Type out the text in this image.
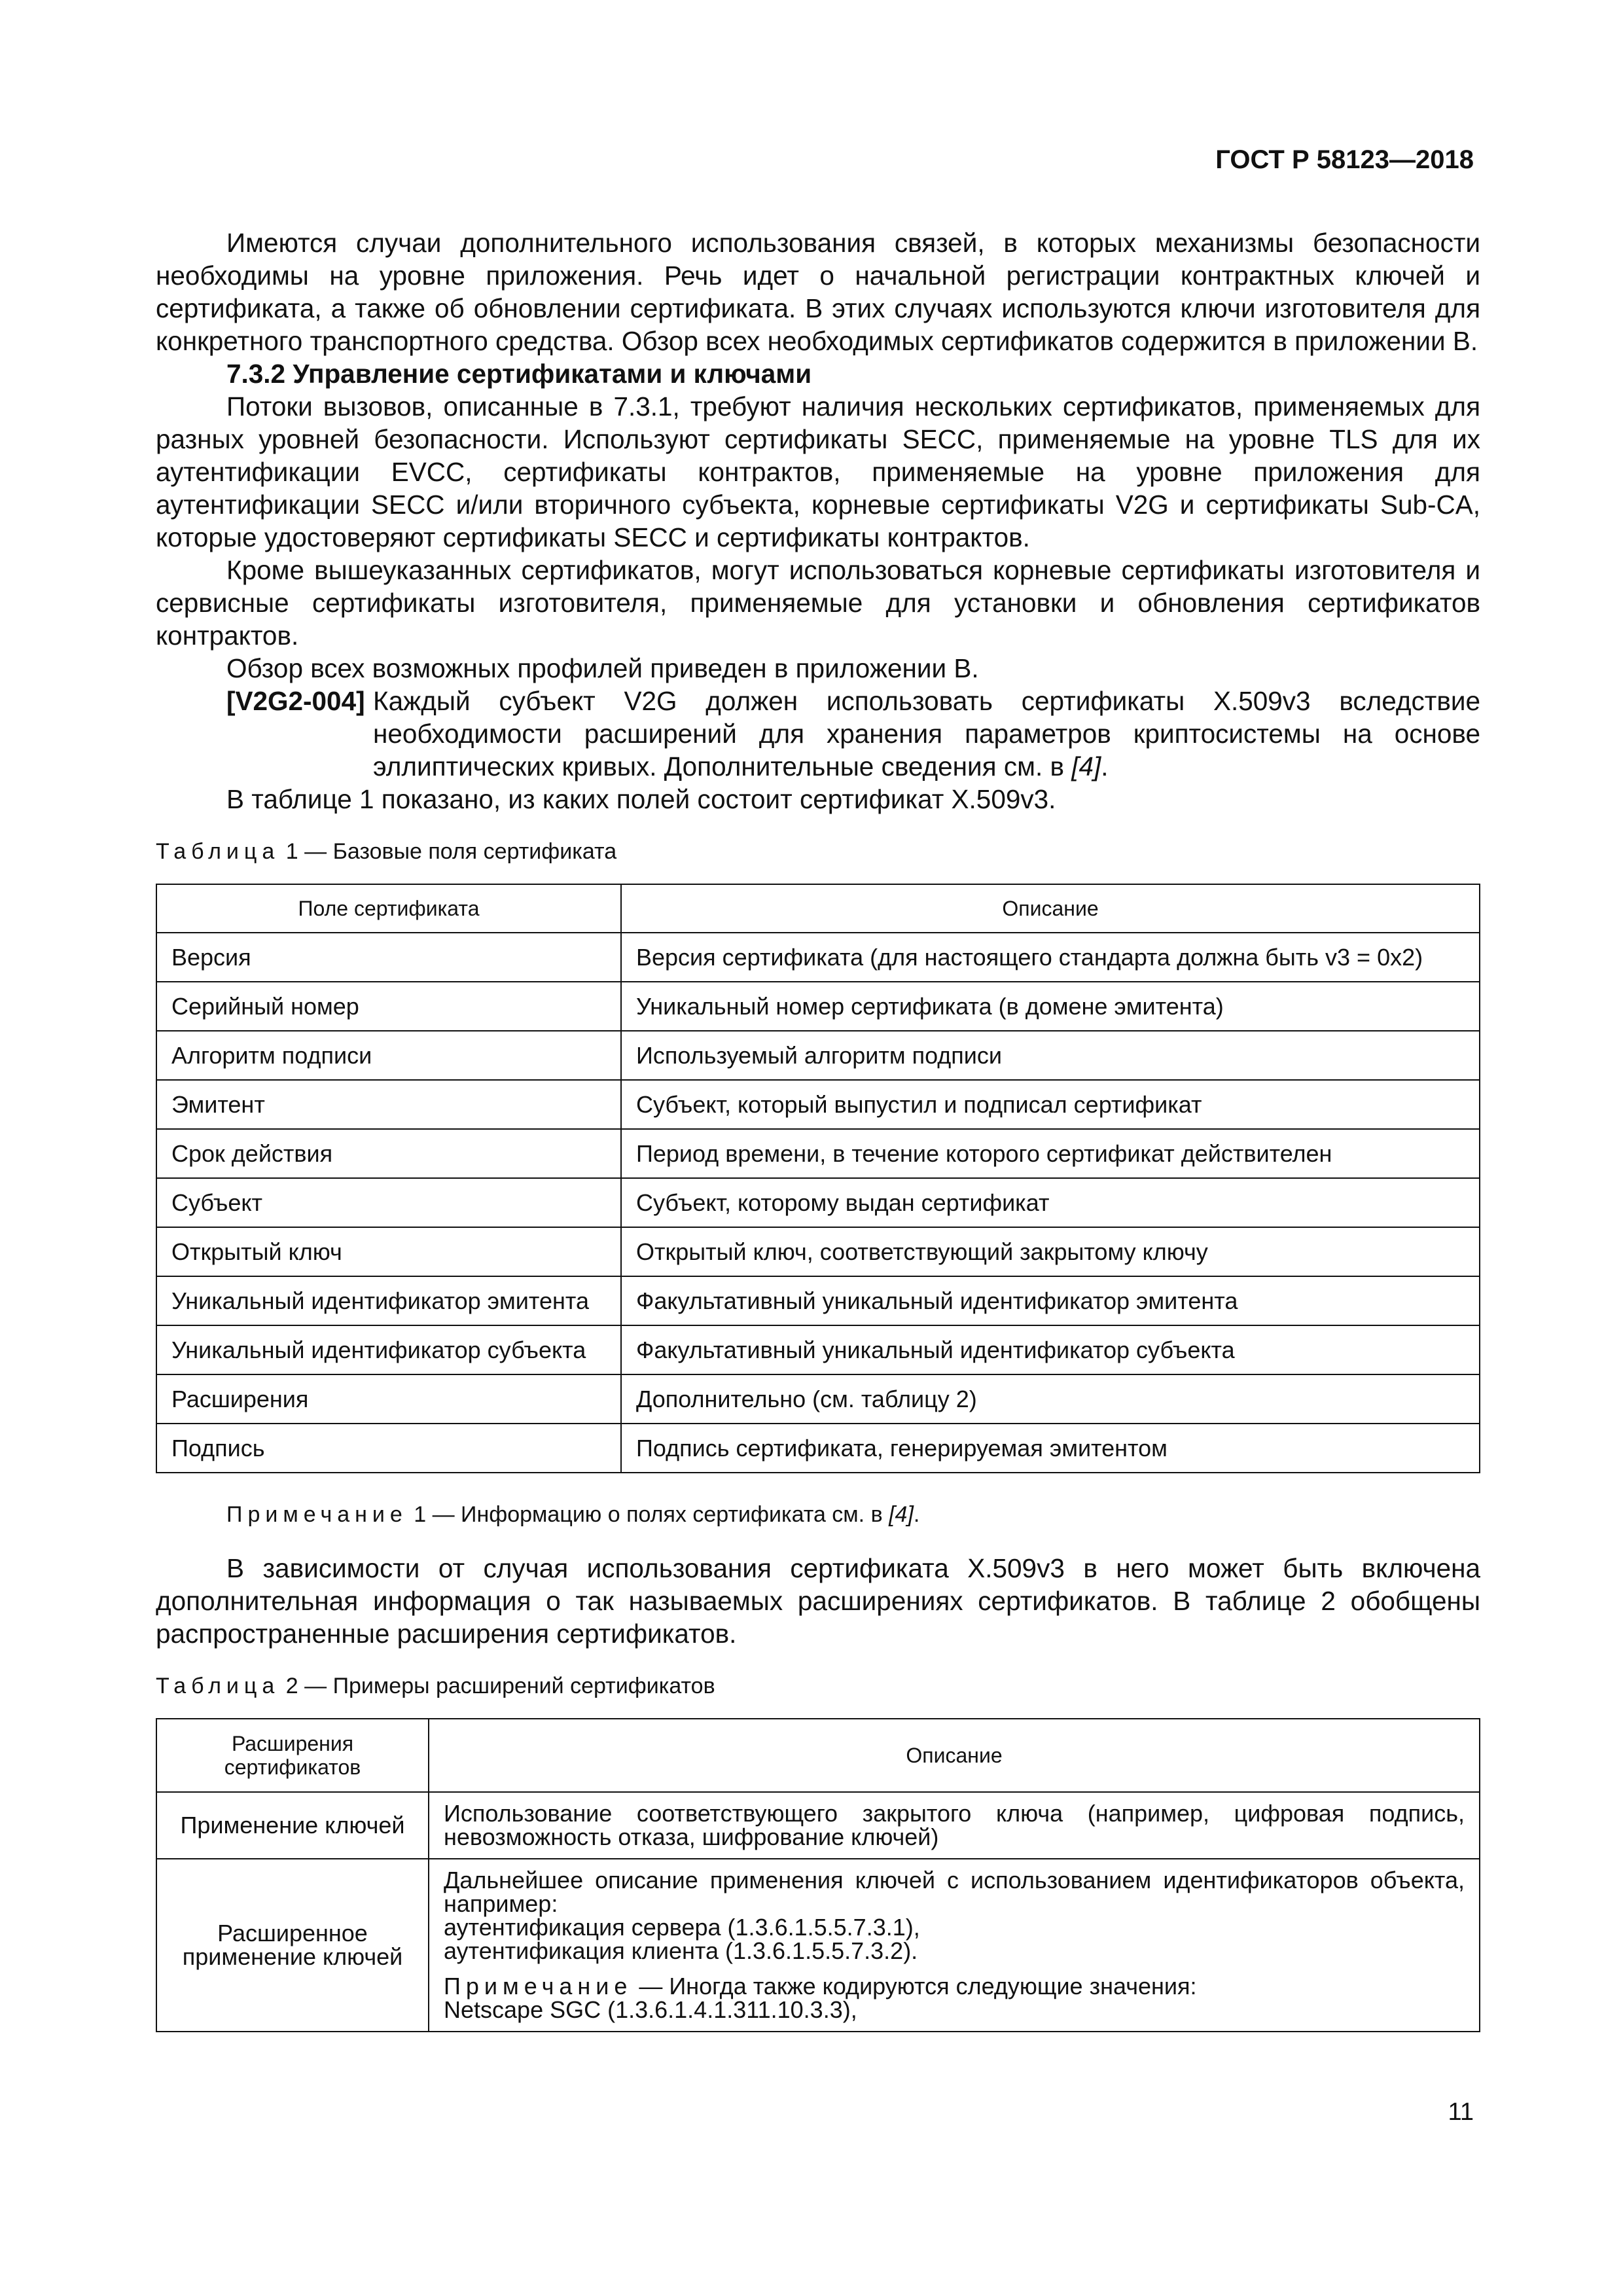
ГОСТ Р 58123—2018

Имеются случаи дополнительного использования связей, в которых механизмы безопасности необходимы на уровне приложения. Речь идет о начальной регистрации контрактных ключей и сертификата, а также об обновлении сертификата. В этих случаях используются ключи изготовителя для конкретного транспортного средства. Обзор всех необходимых сертификатов содержится в приложении В.

7.3.2 Управление сертификатами и ключами

Потоки вызовов, описанные в 7.3.1, требуют наличия нескольких сертификатов, применяемых для разных уровней безопасности. Используют сертификаты SECC, применяемые на уровне TLS для их аутентификации EVCC, сертификаты контрактов, применяемые на уровне приложения для аутентификации SECC и/или вторичного субъекта, корневые сертификаты V2G и сертификаты Sub-CA, которые удостоверяют сертификаты SECC и сертификаты контрактов.

Кроме вышеуказанных сертификатов, могут использоваться корневые сертификаты изготовителя и сервисные сертификаты изготовителя, применяемые для установки и обновления сертификатов контрактов.

Обзор всех возможных профилей приведен в приложении В.

[V2G2-004] Каждый субъект V2G должен использовать сертификаты X.509v3 вследствие необходимости расширений для хранения параметров криптосистемы на основе эллиптических кривых. Дополнительные сведения см. в [4].

В таблице 1 показано, из каких полей состоит сертификат X.509v3.

Таблица 1 — Базовые поля сертификата
Поле сертификата	Описание
Версия	Версия сертификата (для настоящего стандарта должна быть v3 = 0x2)
Серийный номер	Уникальный номер сертификата (в домене эмитента)
Алгоритм подписи	Используемый алгоритм подписи
Эмитент	Субъект, который выпустил и подписал сертификат
Срок действия	Период времени, в течение которого сертификат действителен
Субъект	Субъект, которому выдан сертификат
Открытый ключ	Открытый ключ, соответствующий закрытому ключу
Уникальный идентификатор эмитента	Факультативный уникальный идентификатор эмитента
Уникальный идентификатор субъекта	Факультативный уникальный идентификатор субъекта
Расширения	Дополнительно (см. таблицу 2)
Подпись	Подпись сертификата, генерируемая эмитентом
Примечание 1 — Информацию о полях сертификата см. в [4].

В зависимости от случая использования сертификата X.509v3 в него может быть включена дополнительная информация о так называемых расширениях сертификатов. В таблице 2 обобщены распространенные расширения сертификатов.

Таблица 2 — Примеры расширений сертификатов
Расширения сертификатов	Описание
Применение ключей	Использование соответствующего закрытого ключа (например, цифровая подпись, невозможность отказа, шифрование ключей)
Расширенное применение ключей	Дальнейшее описание применения ключей с использованием идентификаторов объекта, например:
аутентификация сервера (1.3.6.1.5.5.7.3.1),
аутентификация клиента (1.3.6.1.5.5.7.3.2).
Примечание — Иногда также кодируются следующие значения:
Netscape SGC (1.3.6.1.4.1.311.10.3.3),
11
